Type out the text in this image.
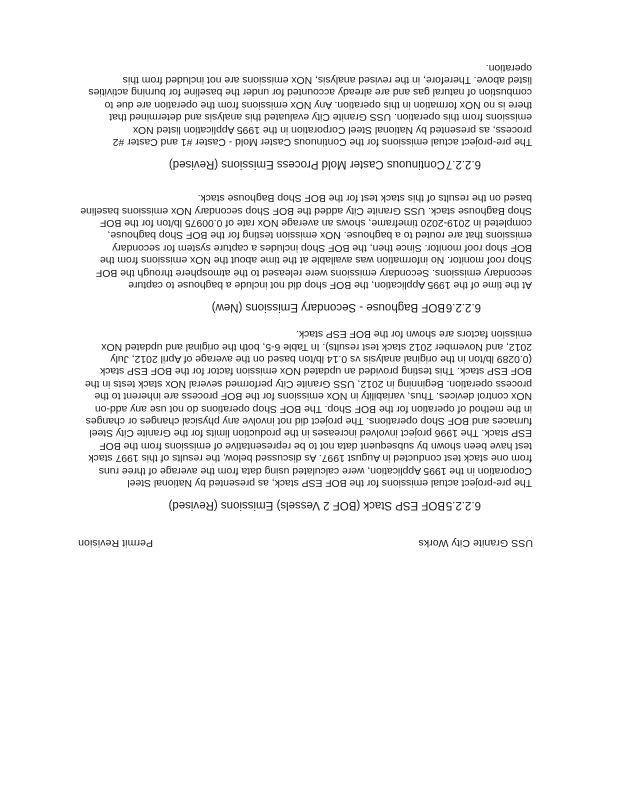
USS Granite City Works
Permit Revision
6.2.2.5BOF ESP Stack (BOF 2 Vessels) Emissions (Revised)

The pre-project actual emissions for the BOF ESP stack, as presented by National Steel
Corporation in the 1995 Application, were calculated using data from the average of three runs
from one stack test conducted in August 1997. As discussed below, the results of this 1997 stack
test have been shown by subsequent data not to be representative of emissions from the BOF
ESP stack. The 1996 project involved increases in the production limits for the Granite City Steel
furnaces and BOF Shop operations. The project did not involve any physical changes or changes
in the method of operation for the BOF Shop. The BOF Shop operations do not use any add-on
NOx control devices. Thus, variability in NOx emissions for the BOF process are inherent to the
process operation. Beginning in 2012, USS Granite City performed several NOx stack tests in the
BOF ESP stack. This testing provided an updated NOx emission factor for the BOF ESP stack
(0.0289 lb/ton in the original analysis vs 0.14 lb/ton based on the average of April 2012, July
2012, and November 2012 stack test results). In Table 6-5, both the original and updated NOx
emission factors are shown for the BOF ESP stack.

6.2.2.6BOF Baghouse - Secondary Emissions (New)

At the time of the 1995 Application, the BOF shop did not include a baghouse to capture
secondary emissions. Secondary emissions were released to the atmosphere through the BOF
Shop roof monitor. No information was available at the time about the NOx emissions from the
BOF shop roof monitor. Since then, the BOF Shop includes a capture system for secondary
emissions that are routed to a baghouse. NOx emission testing for the BOF Shop baghouse,
completed in 2019-2020 timeframe, shows an average NOx rate of 0.00975 lb/ton for the BOF
Shop Baghouse stack. USS Granite City added the BOF Shop secondary NOx emissions baseline
based on the results of this stack test for the BOF Shop Baghouse stack.

6.2.2.7Continuous Caster Mold Process Emissions (Revised)

The pre-project actual emissions for the Continuous Caster Mold - Caster #1 and Caster #2
process, as presented by National Steel Corporation in the 1995 Application listed NOx
emissions from this operation. USS Granite City evaluated this analysis and determined that
there is no NOx formation in this operation. Any NOx emissions from the operation are due to
combustion of natural gas and are already accounted for under the baseline for burning activities
listed above. Therefore, in the revised analysis, NOx emissions are not included from this
operation.
